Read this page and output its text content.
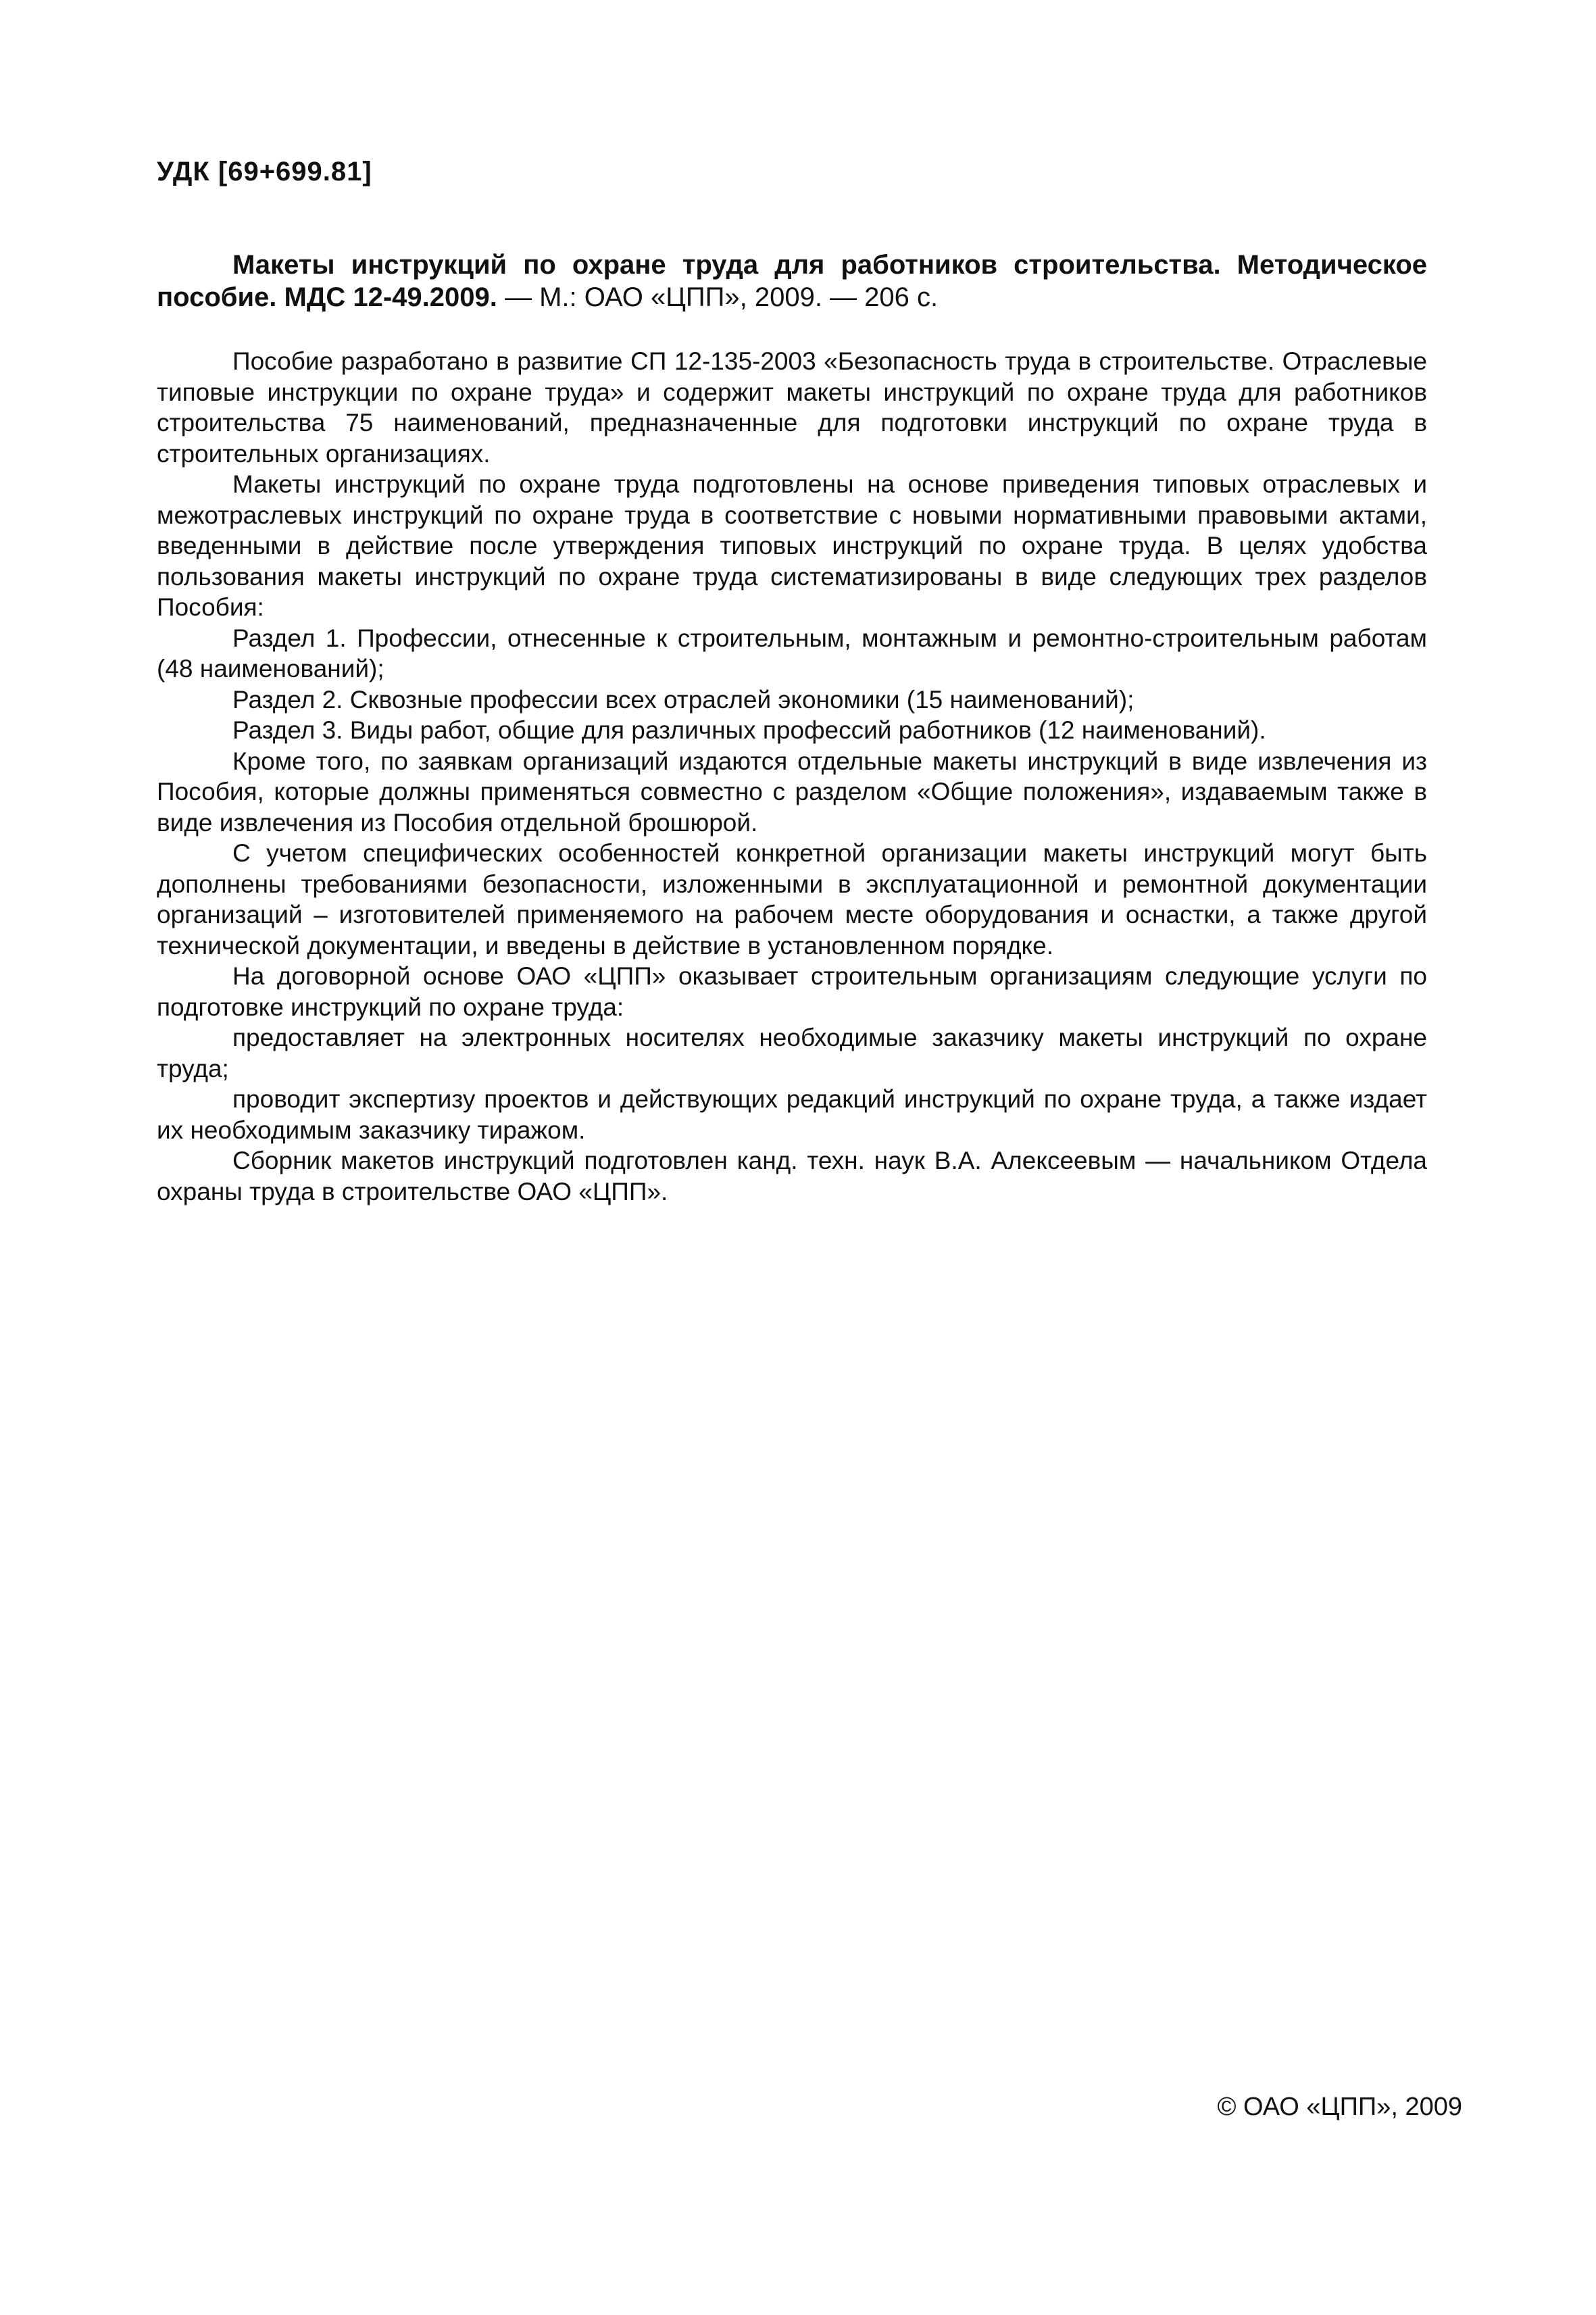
УДК [69+699.81]

Макеты инструкций по охране труда для работников строительства. Методическое пособие. МДС 12-49.2009. — М.: ОАО «ЦПП», 2009. — 206 с.

Пособие разработано в развитие СП 12-135-2003 «Безопасность труда в строительстве. Отраслевые типовые инструкции по охране труда» и содержит макеты инструкций по охране труда для работников строительства 75 наименований, предназначенные для подготовки инструкций по охране труда в строительных организациях.

Макеты инструкций по охране труда подготовлены на основе приведения типовых отраслевых и межотраслевых инструкций по охране труда в соответствие с новыми нормативными правовыми актами, введенными в действие после утверждения типовых инструкций по охране труда. В целях удобства пользования макеты инструкций по охране труда систематизированы в виде следующих трех разделов Пособия:

Раздел 1. Профессии, отнесенные к строительным, монтажным и ремонтно-строительным работам (48 наименований);

Раздел 2. Сквозные профессии всех отраслей экономики (15 наименований);

Раздел 3. Виды работ, общие для различных профессий работников (12 наименований).

Кроме того, по заявкам организаций издаются отдельные макеты инструкций в виде извлечения из Пособия, которые должны применяться совместно с разделом «Общие положения», издаваемым также в виде извлечения из Пособия отдельной брошюрой.

С учетом специфических особенностей конкретной организации макеты инструкций могут быть дополнены требованиями безопасности, изложенными в эксплуатационной и ремонтной документации организаций – изготовителей применяемого на рабочем месте оборудования и оснастки, а также другой технической документации, и введены в действие в установленном порядке.

На договорной основе ОАО «ЦПП» оказывает строительным организациям следующие услуги по подготовке инструкций по охране труда:

предоставляет на электронных носителях необходимые заказчику макеты инструкций по охране труда;

проводит экспертизу проектов и действующих редакций инструкций по охране труда, а также издает их необходимым заказчику тиражом.

Сборник макетов инструкций подготовлен канд. техн. наук В.А. Алексеевым — начальником Отдела охраны труда в строительстве ОАО «ЦПП».

© ОАО «ЦПП», 2009
